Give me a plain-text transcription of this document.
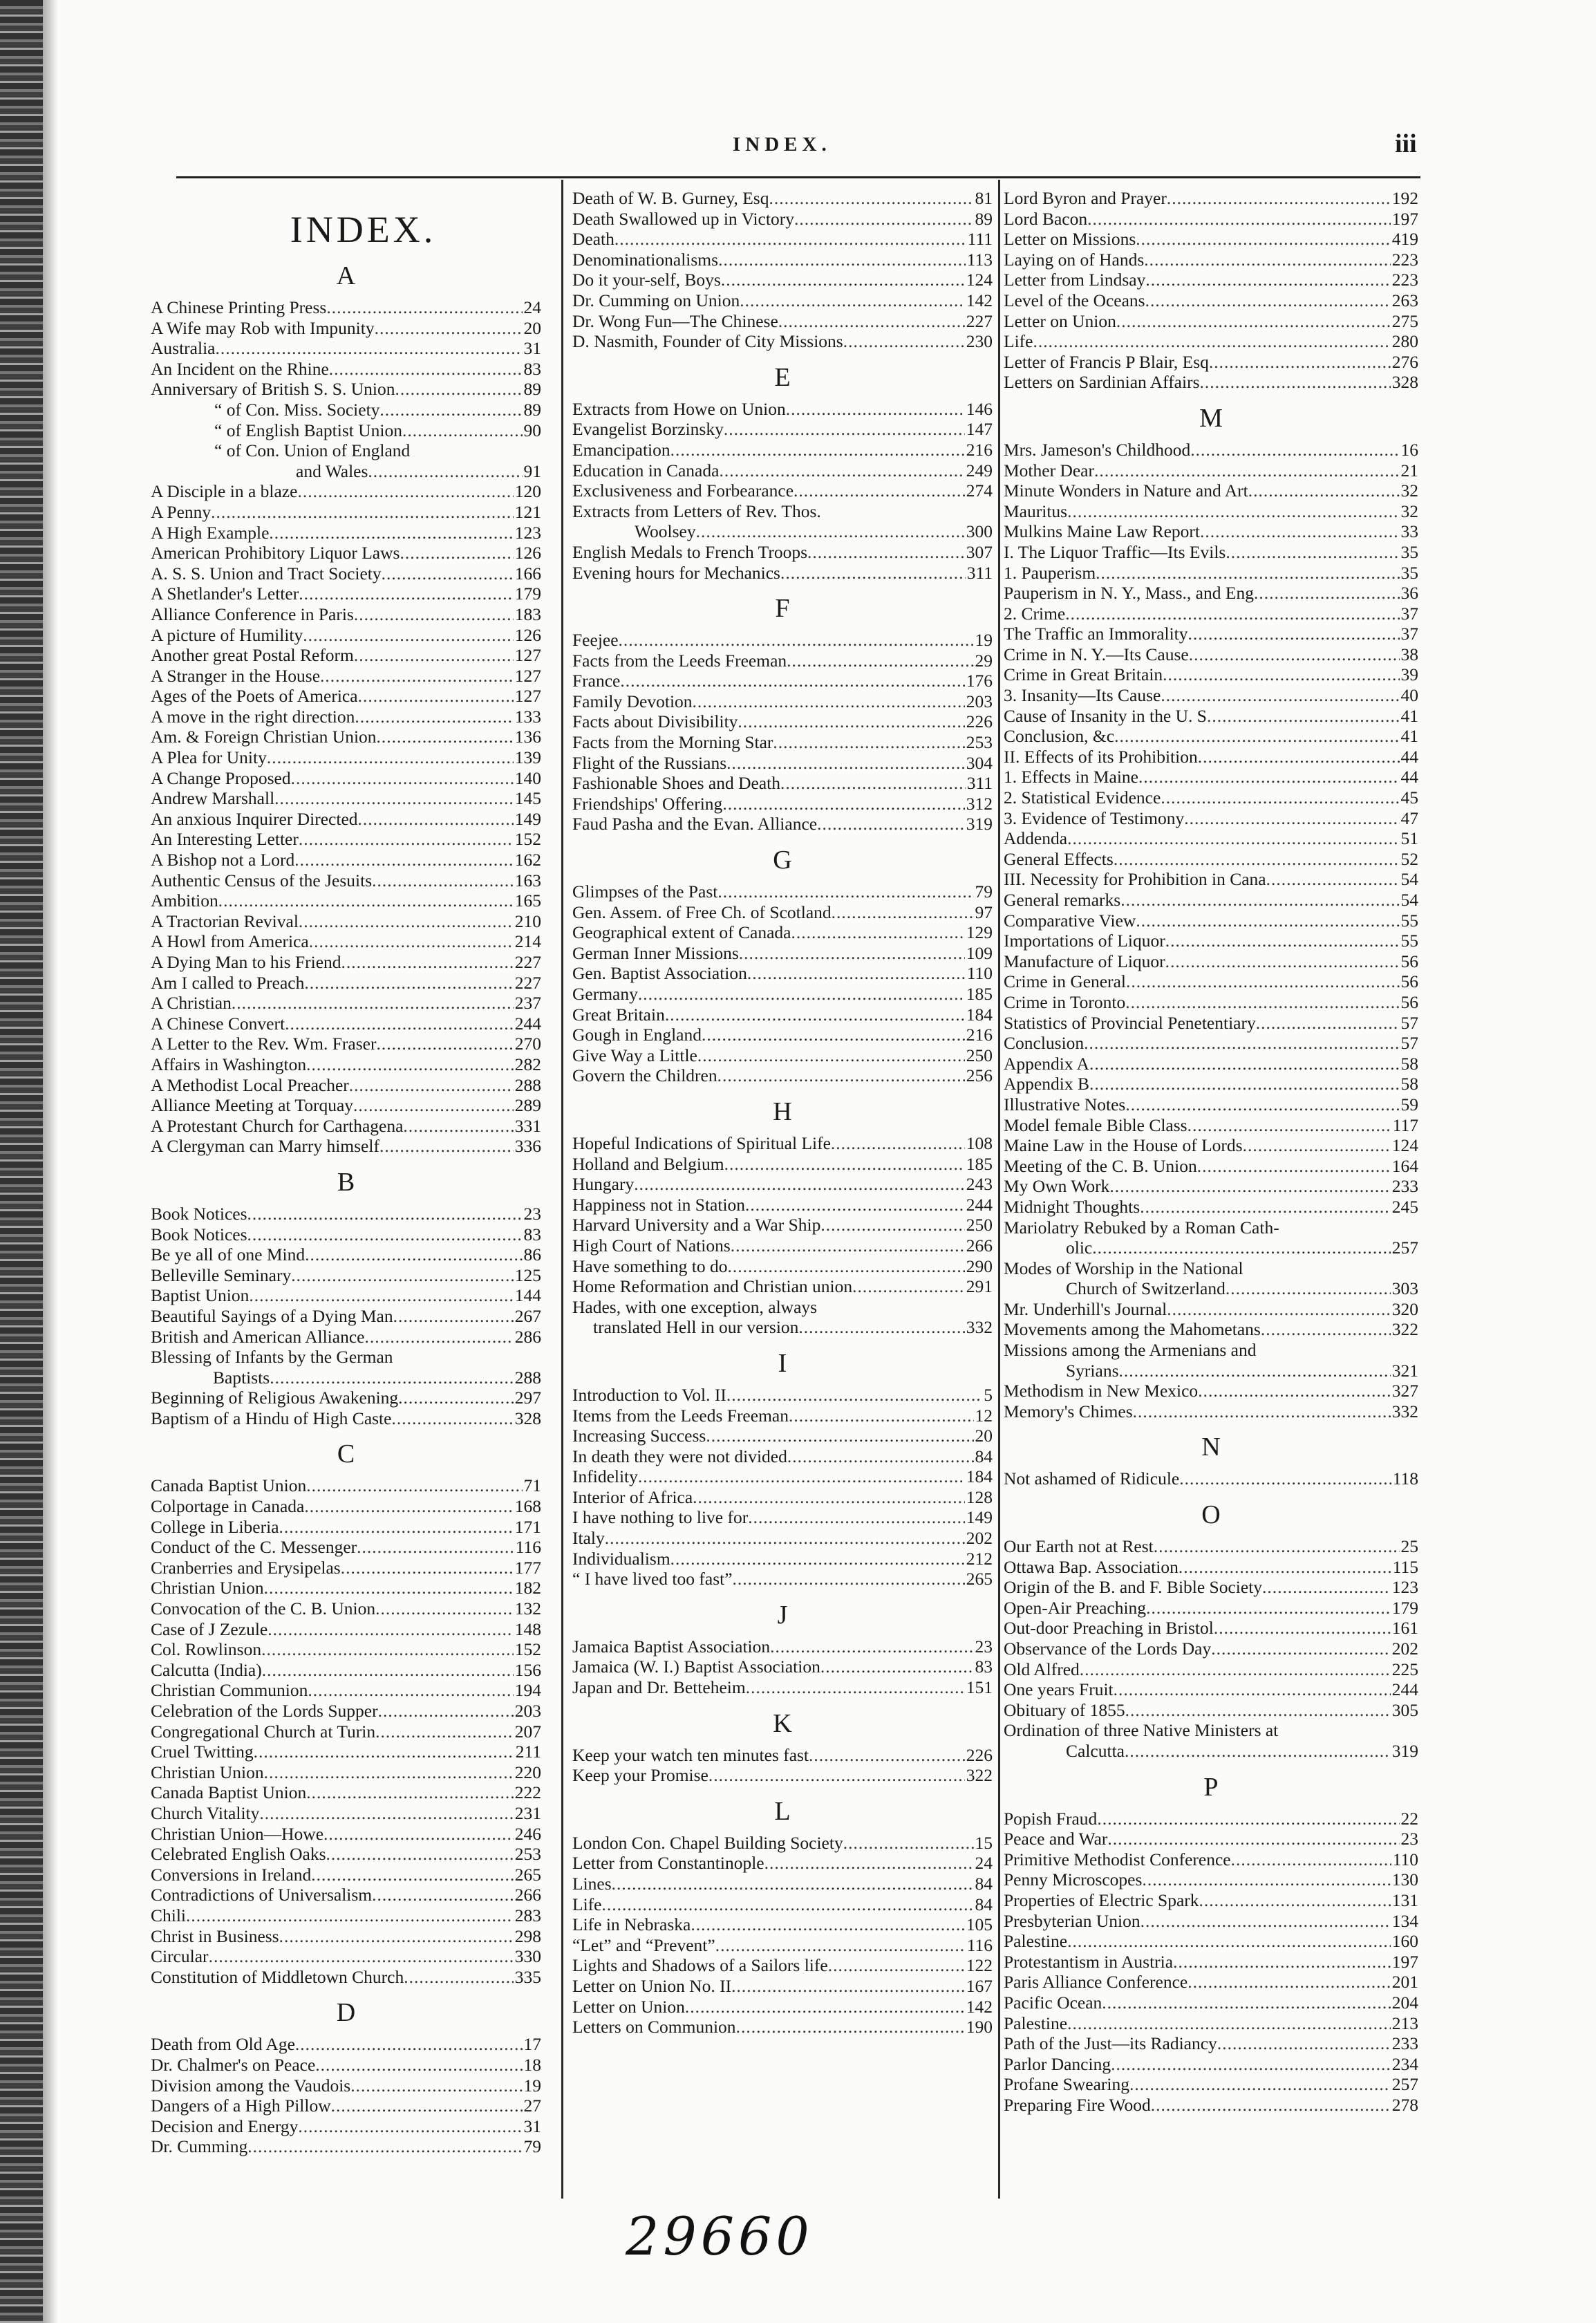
INDEX.	iii
INDEX.
A
A Chinese Printing Press .....	24
A Wife may Rob with Impunity .....	20
Australia .....	31
An Incident on the Rhine .....	83
Anniversary of British S. S. Union .....	89
“ of Con. Miss. Society .....	89
“ of English Baptist Union .....	90
“ of Con. Union of England
and Wales .....	91
A Disciple in a blaze .....	120
A Penny .....	121
A High Example .....	123
American Prohibitory Liquor Laws .....	126
A. S. S. Union and Tract Society .....	166
A Shetlander's Letter .....	179
Alliance Conference in Paris .....	183
A picture of Humility .....	126
Another great Postal Reform .....	127
A Stranger in the House .....	127
Ages of the Poets of America .....	127
A move in the right direction .....	133
Am. & Foreign Christian Union .....	136
A Plea for Unity .....	139
A Change Proposed .....	140
Andrew Marshall .....	145
An anxious Inquirer Directed .....	149
An Interesting Letter .....	152
A Bishop not a Lord .....	162
Authentic Census of the Jesuits .....	163
Ambition .....	165
A Tractorian Revival .....	210
A Howl from America .....	214
A Dying Man to his Friend .....	227
Am I called to Preach .....	227
A Christian .....	237
A Chinese Convert .....	244
A Letter to the Rev. Wm. Fraser .....	270
Affairs in Washington .....	282
A Methodist Local Preacher .....	288
Alliance Meeting at Torquay .....	289
A Protestant Church for Carthagena .....	331
A Clergyman can Marry himself .....	336
B
Book Notices .....	23
Book Notices .....	83
Be ye all of one Mind .....	86
Belleville Seminary .....	125
Baptist Union .....	144
Beautiful Sayings of a Dying Man .....	267
British and American Alliance .....	286
Blessing of Infants by the German
Baptists .....	288
Beginning of Religious Awakening .....	297
Baptism of a Hindu of High Caste .....	328
C
Canada Baptist Union .....	71
Colportage in Canada .....	168
College in Liberia .....	171
Conduct of the C. Messenger .....	116
Cranberries and Erysipelas .....	177
Christian Union .....	182
Convocation of the C. B. Union .....	132
Case of J Zezule .....	148
Col. Rowlinson .....	152
Calcutta (India) .....	156
Christian Communion .....	194
Celebration of the Lords Supper .....	203
Congregational Church at Turin .....	207
Cruel Twitting .....	211
Christian Union .....	220
Canada Baptist Union .....	222
Church Vitality .....	231
Christian Union—Howe .....	246
Celebrated English Oaks .....	253
Conversions in Ireland .....	265
Contradictions of Universalism .....	266
Chili .....	283
Christ in Business .....	298
Circular .....	330
Constitution of Middletown Church .....	335
D
Death from Old Age .....	17
Dr. Chalmer's on Peace .....	18
Division among the Vaudois .....	19
Dangers of a High Pillow .....	27
Decision and Energy .....	31
Dr. Cumming .....	79
Death of W. B. Gurney, Esq .....	81
Death Swallowed up in Victory .....	89
Death .....	111
Denominationalisms .....	113
Do it your-self, Boys .....	124
Dr. Cumming on Union .....	142
Dr. Wong Fun—The Chinese .....	227
D. Nasmith, Founder of City Missions .....	230
E
Extracts from Howe on Union .....	146
Evangelist Borzinsky .....	147
Emancipation .....	216
Education in Canada .....	249
Exclusiveness and Forbearance .....	274
Extracts from Letters of Rev. Thos.
Woolsey .....	300
English Medals to French Troops .....	307
Evening hours for Mechanics .....	311
F
Feejee .....	19
Facts from the Leeds Freeman .....	29
France .....	176
Family Devotion .....	203
Facts about Divisibility .....	226
Facts from the Morning Star .....	253
Flight of the Russians .....	304
Fashionable Shoes and Death .....	311
Friendships' Offering .....	312
Faud Pasha and the Evan. Alliance .....	319
G
Glimpses of the Past .....	79
Gen. Assem. of Free Ch. of Scotland .....	97
Geographical extent of Canada .....	129
German Inner Missions .....	109
Gen. Baptist Association .....	110
Germany .....	185
Great Britain .....	184
Gough in England .....	216
Give Way a Little .....	250
Govern the Children .....	256
H
Hopeful Indications of Spiritual Life .....	108
Holland and Belgium .....	185
Hungary .....	243
Happiness not in Station .....	244
Harvard University and a War Ship .....	250
High Court of Nations .....	266
Have something to do .....	290
Home Reformation and Christian union .....	291
Hades, with one exception, always
translated Hell in our version .....	332
I
Introduction to Vol. II .....	5
Items from the Leeds Freeman .....	12
Increasing Success .....	20
In death they were not divided .....	84
Infidelity .....	184
Interior of Africa .....	128
I have nothing to live for .....	149
Italy .....	202
Individualism .....	212
“ I have lived too fast” .....	265
J
Jamaica Baptist Association .....	23
Jamaica (W. I.) Baptist Association .....	83
Japan and Dr. Betteheim .....	151
K
Keep your watch ten minutes fast .....	226
Keep your Promise .....	322
L
London Con. Chapel Building Society .....	15
Letter from Constantinople .....	24
Lines .....	84
Life .....	84
Life in Nebraska .....	105
“Let” and “Prevent” .....	116
Lights and Shadows of a Sailors life .....	122
Letter on Union No. II .....	167
Letter on Union .....	142
Letters on Communion .....	190
Lord Byron and Prayer .....	192
Lord Bacon .....	197
Letter on Missions .....	419
Laying on of Hands .....	223
Letter from Lindsay .....	223
Level of the Oceans .....	263
Letter on Union .....	275
Life .....	280
Letter of Francis P Blair, Esq .....	276
Letters on Sardinian Affairs .....	328
M
Mrs. Jameson's Childhood .....	16
Mother Dear .....	21
Minute Wonders in Nature and Art .....	32
Mauritus .....	32
Mulkins Maine Law Report .....	33
I. The Liquor Traffic—Its Evils .....	35
1. Pauperism .....	35
Pauperism in N. Y., Mass., and Eng .....	36
2. Crime .....	37
The Traffic an Immorality .....	37
Crime in N. Y.—Its Cause .....	38
Crime in Great Britain .....	39
3. Insanity—Its Cause .....	40
Cause of Insanity in the U. S .....	41
Conclusion, &c .....	41
II. Effects of its Prohibition .....	44
1. Effects in Maine .....	44
2. Statistical Evidence .....	45
3. Evidence of Testimony .....	47
Addenda .....	51
General Effects .....	52
III. Necessity for Prohibition in Cana .....	54
General remarks .....	54
Comparative View .....	55
Importations of Liquor .....	55
Manufacture of Liquor .....	56
Crime in General .....	56
Crime in Toronto .....	56
Statistics of Provincial Penetentiary .....	57
Conclusion .....	57
Appendix A .....	58
Appendix B .....	58
Illustrative Notes .....	59
Model female Bible Class .....	117
Maine Law in the House of Lords .....	124
Meeting of the C. B. Union .....	164
My Own Work .....	233
Midnight Thoughts .....	245
Mariolatry Rebuked by a Roman Cath-
olic .....	257
Modes of Worship in the National
Church of Switzerland .....	303
Mr. Underhill's Journal .....	320
Movements among the Mahometans .....	322
Missions among the Armenians and
Syrians .....	321
Methodism in New Mexico .....	327
Memory's Chimes .....	332
N
Not ashamed of Ridicule .....	118
O
Our Earth not at Rest .....	25
Ottawa Bap. Association .....	115
Origin of the B. and F. Bible Society .....	123
Open-Air Preaching .....	179
Out-door Preaching in Bristol .....	161
Observance of the Lords Day .....	202
Old Alfred .....	225
One years Fruit .....	244
Obituary of 1855 .....	305
Ordination of three Native Ministers at
Calcutta .....	319
P
Popish Fraud .....	22
Peace and War .....	23
Primitive Methodist Conference .....	110
Penny Microscopes .....	130
Properties of Electric Spark .....	131
Presbyterian Union .....	134
Palestine .....	160
Protestantism in Austria .....	197
Paris Alliance Conference .....	201
Pacific Ocean .....	204
Palestine .....	213
Path of the Just—its Radiancy .....	233
Parlor Dancing .....	234
Profane Swearing .....	257
Preparing Fire Wood .....	278
29660
